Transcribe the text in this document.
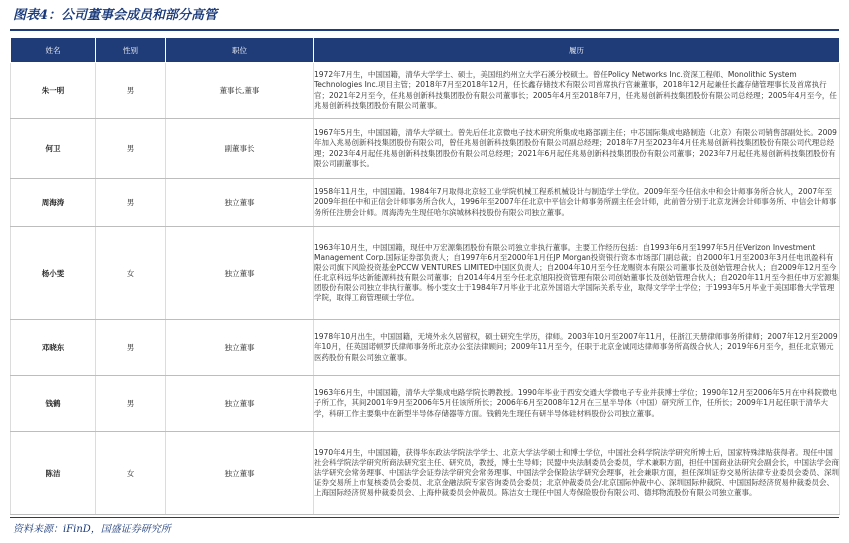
图表4：公司董事会成员和部分高管
姓名	性别	职位	履历
朱一明	男	董事长,董事	1972年7月生，中国国籍，清华大学学士、硕士，美国纽约州立大学石溪分校硕士。曾任Policy Networks Inc.资深工程师、Monolithic System Technologies Inc.项目主管；2018年7月至2018年12月，任长鑫存储技术有限公司首席执行官兼董事，2018年12月起兼任长鑫存储管理事长及首席执行官；2021年2月至今，任兆易创新科技集团股份有限公司董事长；2005年4月至2018年7月，任兆易创新科技集团股份有限公司总经理；2005年4月至今，任兆易创新科技集团股份有限公司董事。

何卫	男	副董事长	1967年5月生，中国国籍，清华大学硕士。曾先后任北京微电子技术研究所集成电路部副主任；中芯国际集成电路制造（北京）有限公司销售部副处长。2009年加入兆易创新科技集团股份有限公司，曾任兆易创新科技集团股份有限公司副总经理；2018年7月至2023年4月任兆易创新科技集团股份有限公司代理总经理；2023年4月起任兆易创新科技集团股份有限公司总经理；2021年6月起任兆易创新科技集团股份有限公司董事；2023年7月起任兆易创新科技集团股份有限公司副董事长。

周海涛	男	独立董事	1958年11月生，中国国籍。1984年7月取得北京轻工业学院机械工程系机械设计与制造学士学位。2009年至今任信永中和会计师事务所合伙人，2007年至2009年担任中和正信会计师事务所合伙人，1996年至2007年任北京中平信会计师事务所副主任会计师，此前曾分别于北京龙洲会计师事务所、中信会计师事务所任注册会计师。周海涛先生现任哈尔滨城林科技股份有限公司独立董事。

杨小雯	女	独立董事	1963年10月生，中国国籍，现任中万宏源集团股份有限公司独立非执行董事。主要工作经历包括：自1993年6月至1997年5月任Verizon Investment Management Corp.国际证券部负责人；自1997年6月至2000年1月任JP Morgan投资银行资本市场部门副总裁；自2000年1月至2003年3月任电讯盈科有限公司旗下风险投资基金PCCW VENTURES LIMITED中国区负责人；自2004年10月至今任龙赐资本有限公司董事长及创始管理合伙人；自2009年12月至今任北京科远华达新能源科技有限公司董事；自2014年4月至今任北京旭阳投资管理有限公司创始董事长及创始管理合伙人；自2020年11月至今担任申万宏源集团股份有限公司独立非执行董事。杨小雯女士于1984年7月毕业于北京外国语大学国际关系专业，取得文学学士学位；于1993年5月毕业于美国耶鲁大学管理学院，取得工商管理硕士学位。

邓晓东	男	独立董事	1978年10月出生，中国国籍，无境外永久居留权，硕士研究生学历，律师。2003年10月至2007年11月，任浙江天册律师事务所律师；2007年12月至2009年10月，任英国诺顿罗氏律师事务所北京办公室法律顾问；2009年11月至今，任职于北京金诚同达律师事务所高级合伙人；2019年6月至今，担任北京锡元医药股份有限公司独立董事。

钱鹤	男	独立董事	1963年6月生，中国国籍，清华大学集成电路学院长聘教授。1990年毕业于西安交通大学微电子专业并获博士学位；1990年12月至2006年5月在中科院微电子所工作，其间2001年9月至2006年5月任该所所长；2006年6月至2008年12月在三星半导体（中国）研究所工作，任所长；2009年1月起任职于清华大学，科研工作主要集中在新型半导体存储器等方面。钱鹤先生现任有研半导体硅材料股份公司独立董事。

陈洁	女	独立董事	1970年4月生，中国国籍，获得华东政法学院法学学士、北京大学法学硕士和博士学位，中国社会科学院法学研究所博士后，国家特殊津贴获得者。现任中国社会科学院法学研究所商法研究室主任、研究员，教授，博士生导师；民盟中央法制委员会委员，学术兼职方面，担任中国商业法研究会副会长，中国法学会商法学研究会常务理事、中国法学会证券法学研究会常务理事、中国法学会保险法学研究会理事，社会兼职方面，担任深圳证券交易所法律专业委员会委员、深圳证券交易所上市复核委员会委员、北京金融法院专家咨询委员会委员；北京仲裁委员会/北京国际仲裁中心、深圳国际仲裁院、中国国际经济贸易仲裁委员会、上海国际经济贸易仲裁委员会、上海仲裁委员会仲裁员。陈洁女士现任中国人寿保险股份有限公司、德邦物流股份有限公司独立董事。
资料来源：iFinD，国盛证券研究所
